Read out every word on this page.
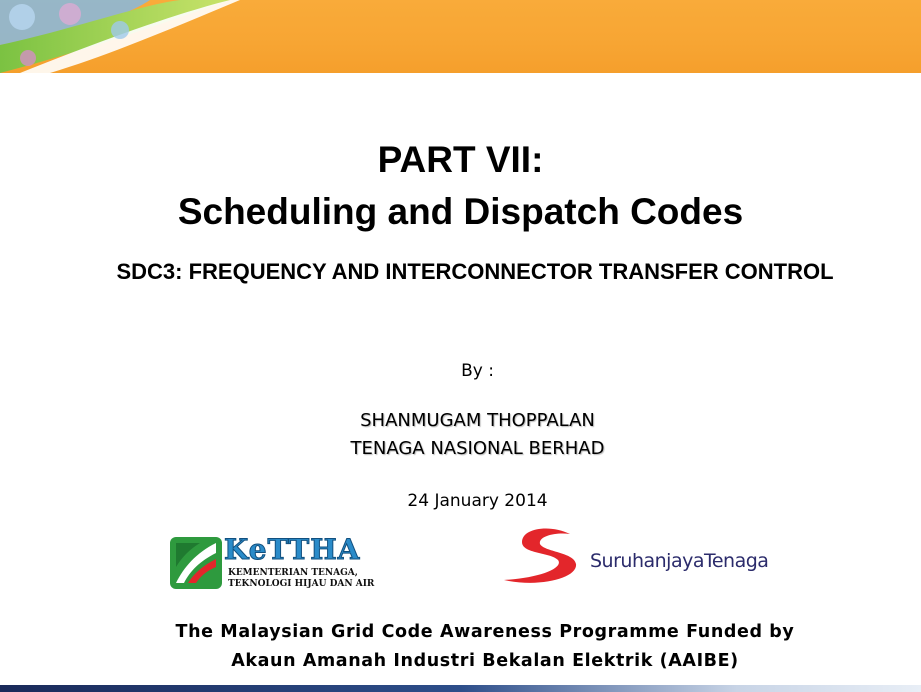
PART VII:
Scheduling and Dispatch Codes
SDC3: FREQUENCY AND INTERCONNECTOR TRANSFER CONTROL
By :
SHANMUGAM THOPPALAN
TENAGA NASIONAL BERHAD
24 January 2014
KeTTHA
KEMENTERIAN TENAGA,
TEKNOLOGI HIJAU DAN AIR
SuruhanjayaTenaga
The Malaysian Grid Code Awareness Programme Funded by
Akaun Amanah Industri Bekalan Elektrik (AAIBE)
